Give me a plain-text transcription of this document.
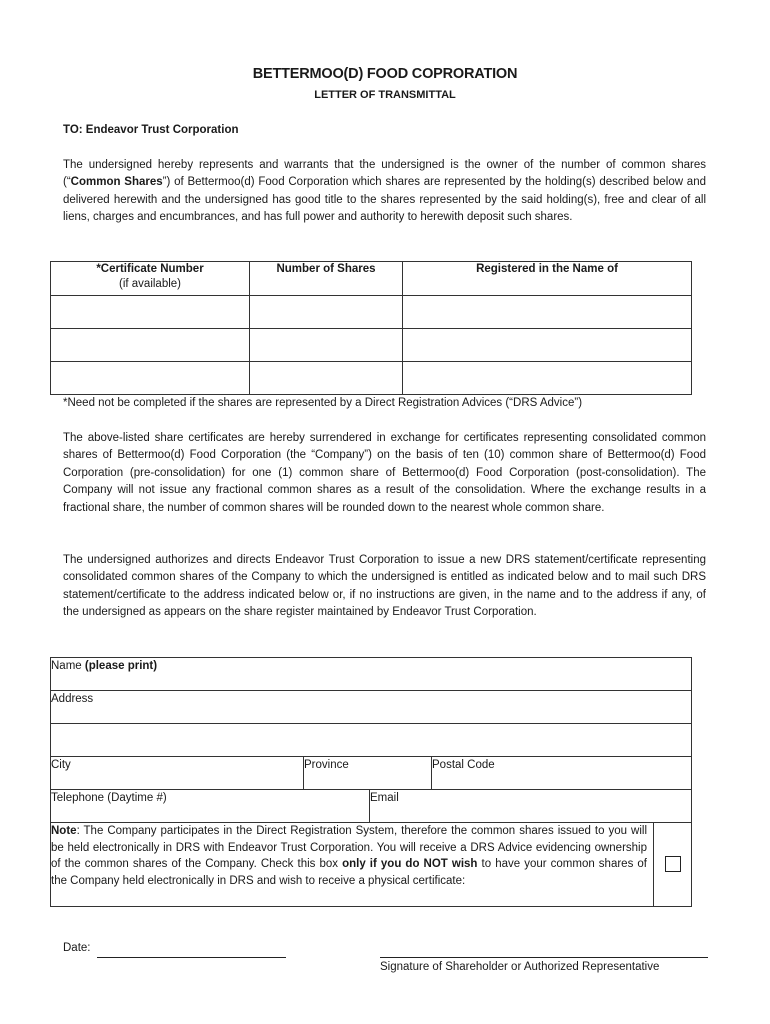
BETTERMOO(D) FOOD COPRORATION
LETTER OF TRANSMITTAL
TO: Endeavor Trust Corporation
The undersigned hereby represents and warrants that the undersigned is the owner of the number of common shares (“Common Shares”) of Bettermoo(d) Food Corporation which shares are represented by the holding(s) described below and delivered herewith and the undersigned has good title to the shares represented by the said holding(s), free and clear of all liens, charges and encumbrances, and has full power and authority to herewith deposit such shares.
*Certificate Number
(if available)	Number of Shares	Registered in the Name of

*Need not be completed if the shares are represented by a Direct Registration Advices (“DRS Advice”)
The above-listed share certificates are hereby surrendered in exchange for certificates representing consolidated common shares of Bettermoo(d) Food Corporation (the “Company”) on the basis of ten (10) common share of Bettermoo(d) Food Corporation (pre-consolidation) for one (1) common share of Bettermoo(d) Food Corporation (post-consolidation). The Company will not issue any fractional common shares as a result of the consolidation. Where the exchange results in a fractional share, the number of common shares will be rounded down to the nearest whole common share.
The undersigned authorizes and directs Endeavor Trust Corporation to issue a new DRS statement/certificate representing consolidated common shares of the Company to which the undersigned is entitled as indicated below and to mail such DRS statement/certificate to the address indicated below or, if no instructions are given, in the name and to the address if any, of the undersigned as appears on the share register maintained by Endeavor Trust Corporation.
Name (please print)				
Address				

City	Province		Postal Code	
Telephone (Daytime #)		Email		
Note: The Company participates in the Direct Registration System, therefore the common shares issued to you will be held electronically in DRS with Endeavor Trust Corporation. You will receive a DRS Advice evidencing ownership of the common shares of the Company. Check this box only if you do NOT wish to have your common shares of the Company held electronically in DRS and wish to receive a physical certificate:				
Date:
Signature of Shareholder or Authorized Representative
